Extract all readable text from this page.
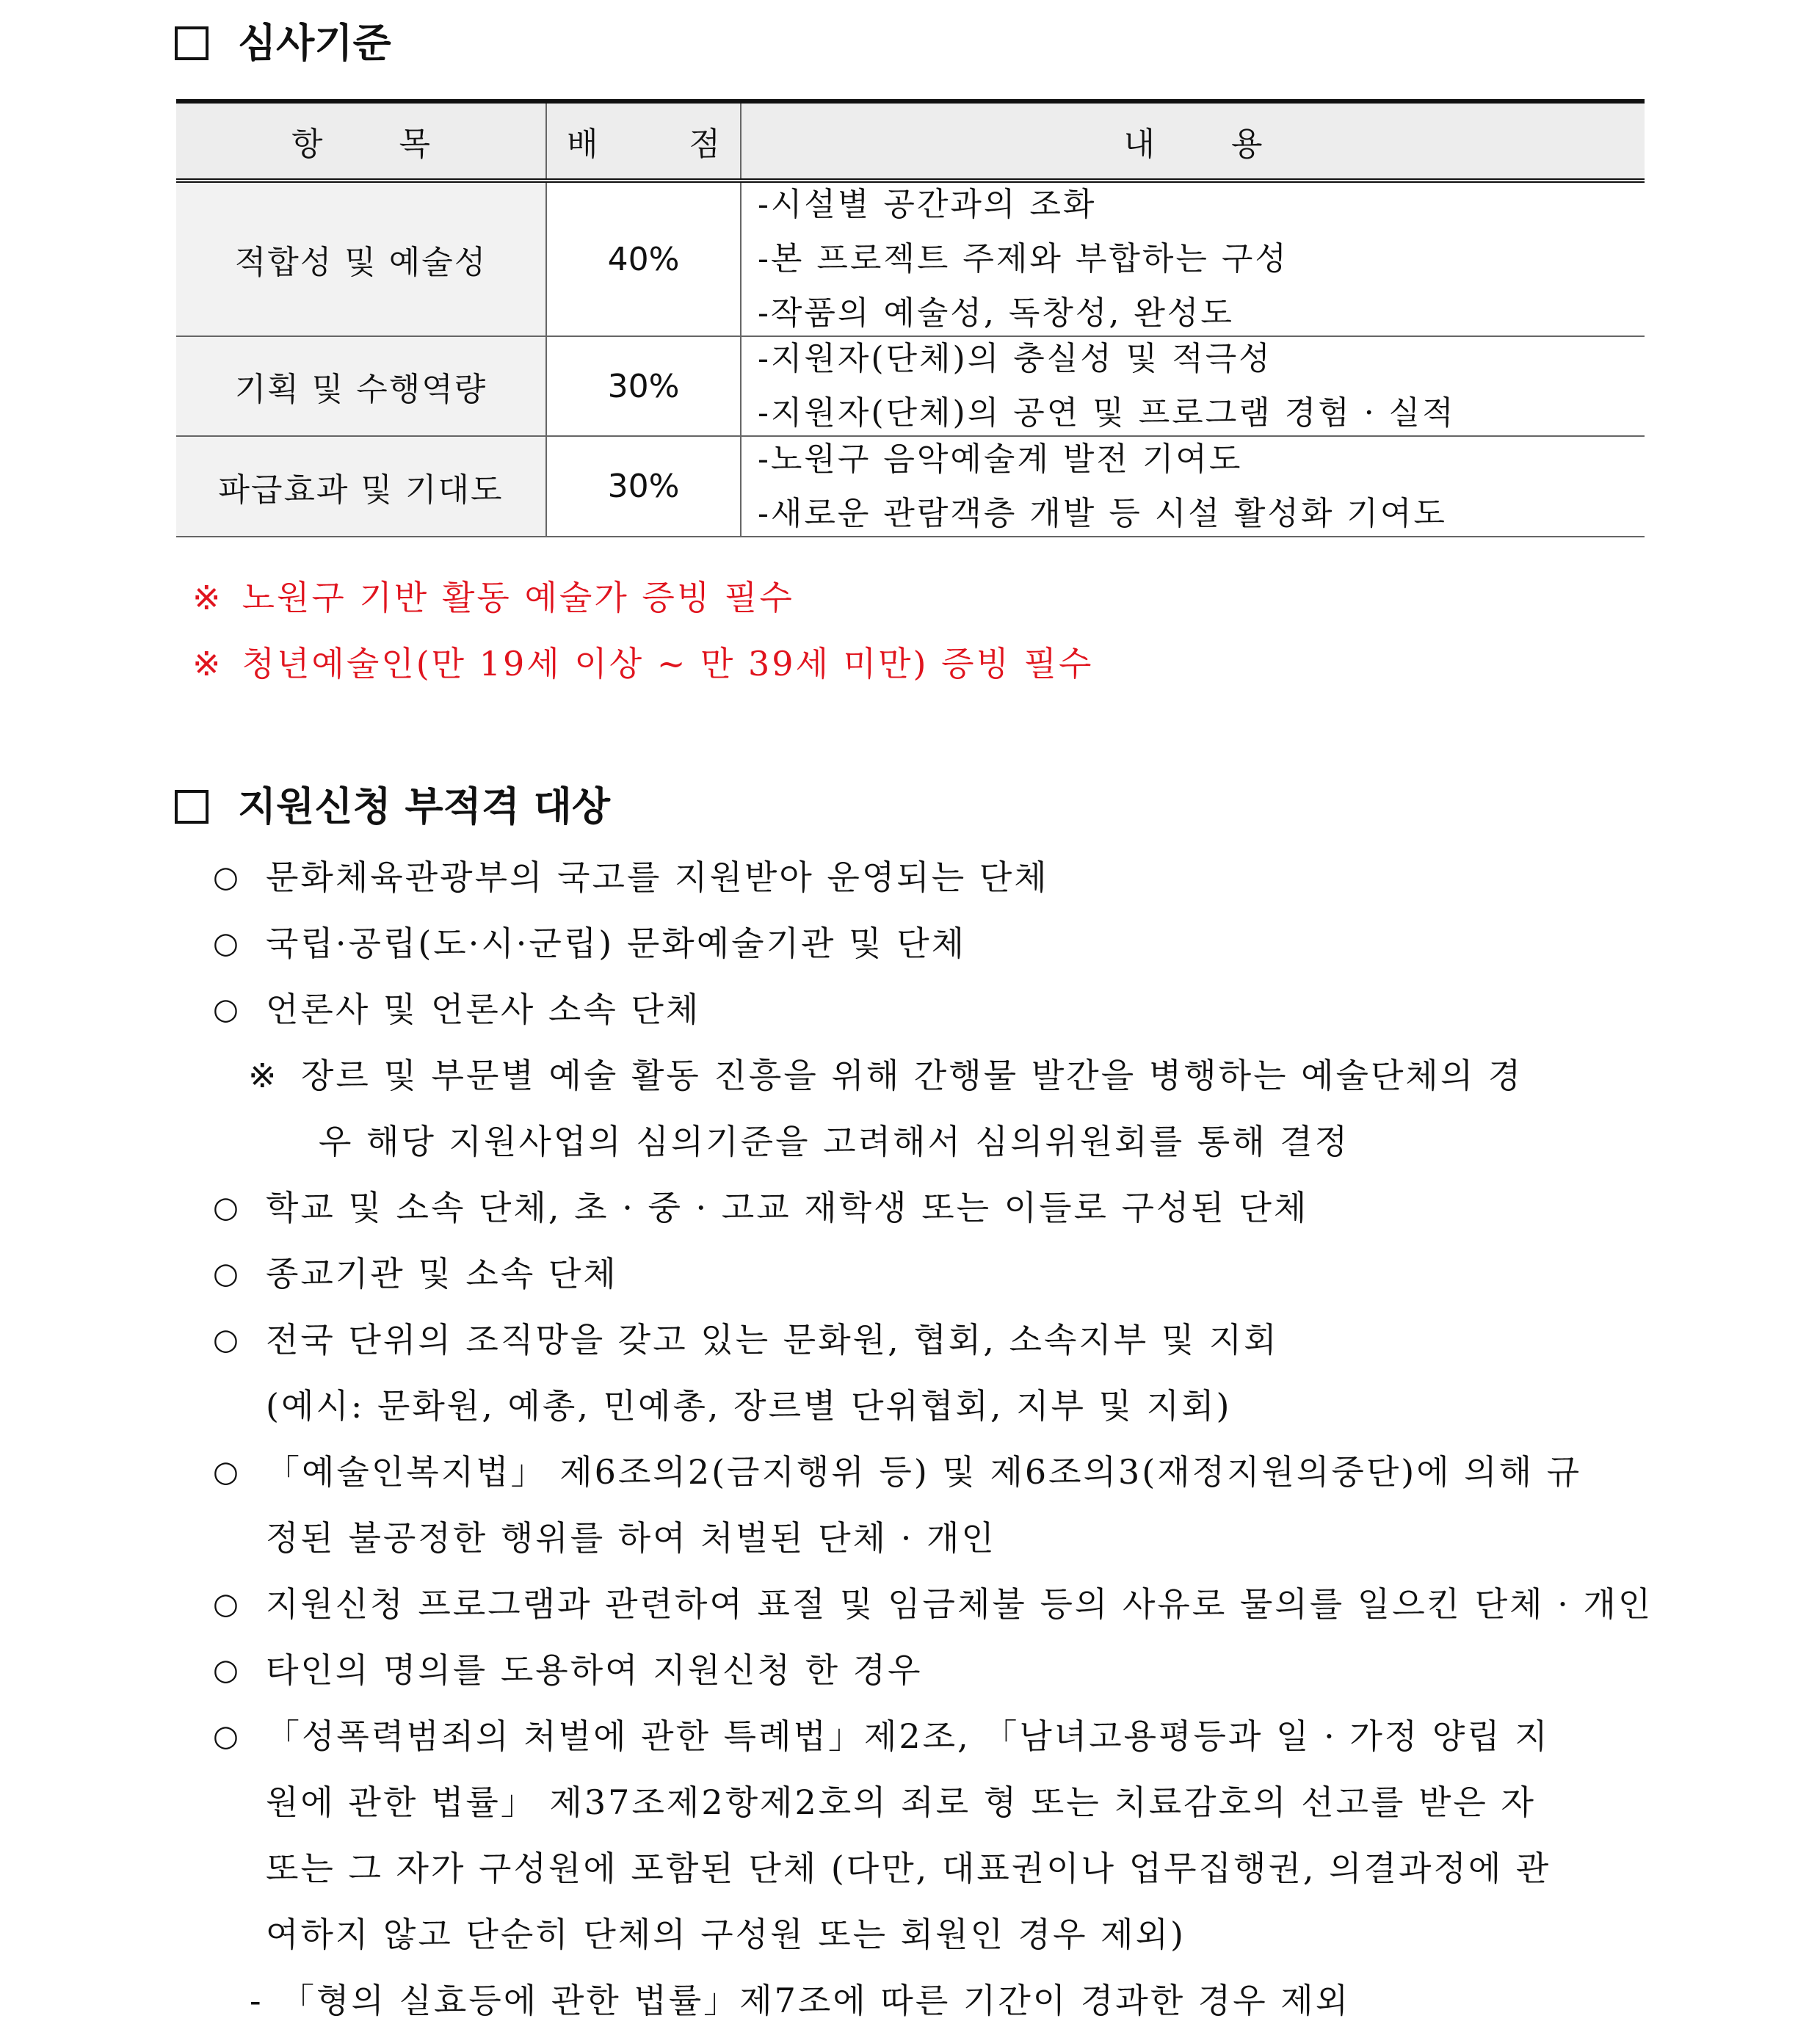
심사기준
항 목	배 점	내 용
적합성 및 예술성	40%
-시설별 공간과의 조화
-본 프로젝트 주제와 부합하는 구성
-작품의 예술성, 독창성, 완성도
기획 및 수행역량	30%
-지원자(단체)의 충실성 및 적극성
-지원자(단체)의 공연 및 프로그램 경험 · 실적
파급효과 및 기대도	30%
-노원구 음악예술계 발전 기여도
-새로운 관람객층 개발 등 시설 활성화 기여도
※ 노원구 기반 활동 예술가 증빙 필수
※ 청년예술인(만 19세 이상 ~ 만 39세 미만) 증빙 필수
지원신청 부적격 대상
○ 문화체육관광부의 국고를 지원받아 운영되는 단체
○ 국립·공립(도·시·군립) 문화예술기관 및 단체
○ 언론사 및 언론사 소속 단체
※ 장르 및 부문별 예술 활동 진흥을 위해 간행물 발간을 병행하는 예술단체의 경
우 해당 지원사업의 심의기준을 고려해서 심의위원회를 통해 결정
○ 학교 및 소속 단체, 초 · 중 · 고교 재학생 또는 이들로 구성된 단체
○ 종교기관 및 소속 단체
○ 전국 단위의 조직망을 갖고 있는 문화원, 협회, 소속지부 및 지회
(예시: 문화원, 예총, 민예총, 장르별 단위협회, 지부 및 지회)
○ 「예술인복지법」 제6조의2(금지행위 등) 및 제6조의3(재정지원의중단)에 의해 규
정된 불공정한 행위를 하여 처벌된 단체 · 개인
○ 지원신청 프로그램과 관련하여 표절 및 임금체불 등의 사유로 물의를 일으킨 단체 · 개인
○ 타인의 명의를 도용하여 지원신청 한 경우
○ 「성폭력범죄의 처벌에 관한 특례법」제2조, 「남녀고용평등과 일 · 가정 양립 지
원에 관한 법률」 제37조제2항제2호의 죄로 형 또는 치료감호의 선고를 받은 자
또는 그 자가 구성원에 포함된 단체 (다만, 대표권이나 업무집행권, 의결과정에 관
여하지 않고 단순히 단체의 구성원 또는 회원인 경우 제외)
- 「형의 실효등에 관한 법률」제7조에 따른 기간이 경과한 경우 제외
